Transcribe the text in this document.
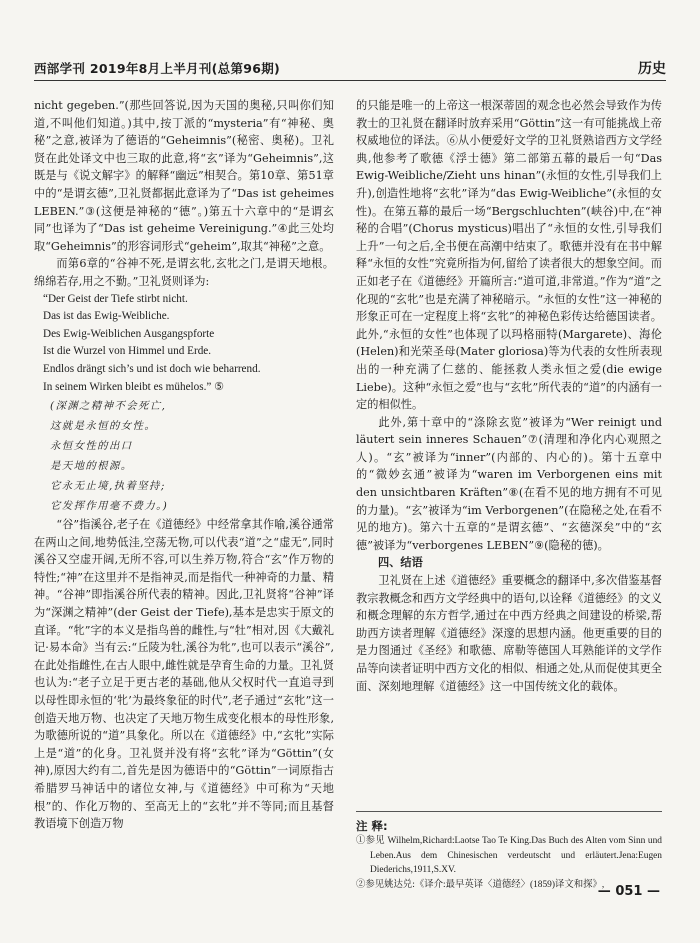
西部学刊 2019年8月上半月刊(总第96期)	历史

nicht gegeben.”(那些回答说,因为天国的奥秘,只叫你们知道,不叫他们知道。)其中,按丁派的“mysteria”有“神秘、奥秘”之意,被译为了德语的“Geheimnis”(秘密、奥秘)。卫礼贤在此处译文中也三取的此意,将“玄”译为“Geheimnis”,这既是与《说文解字》的解释“幽远”相契合。第10章、第51章中的“是谓玄德”,卫礼贤都据此意译为了“Das ist geheimes LEBEN.”③(这便是神秘的“德”。)第五十六章中的“是谓玄同”也译为了“Das ist geheime Vereinigung.”④此三处均取“Geheimnis”的形容词形式“geheim”,取其“神秘”之意。

而第6章的“谷神不死,是谓玄牝,玄牝之门,是谓天地根。绵绵若存,用之不勤。”卫礼贤则译为:

“Der Geist der Tiefe stirbt nicht.

Das ist das Ewig-Weibliche.

Des Ewig-Weiblichen Ausgangspforte

Ist die Wurzel von Himmel und Erde.

Endlos drängt sich’s und ist doch wie beharrend.

In seinem Wirken bleibt es mühelos.” ⑤

(深渊之精神不会死亡,

这就是永恒的女性。

永恒女性的出口

是天地的根源。

它永无止境,执着坚持;

它发挥作用毫不费力。)

“谷”指溪谷,老子在《道德经》中经常拿其作喻,溪谷通常在两山之间,地势低洼,空荡无物,可以代表“道”之“虚无”,同时溪谷又空虚开阔,无所不容,可以生养万物,符合“玄”作万物的特性;“神”在这里并不是指神灵,而是指代一种神奇的力量、精神。“谷神”即指溪谷所代表的精神。因此,卫礼贤将“谷神”译为“深渊之精神”(der Geist der Tiefe),基本是忠实于原文的直译。“牝”字的本义是指鸟兽的雌性,与“牡”相对,因《大戴礼记·易本命》当有云:“丘陵为牡,溪谷为牝”,也可以表示“溪谷”,在此处指雌性,在古人眼中,雌性就是孕育生命的力量。卫礼贤也认为:“老子立足于更古老的基础,他从父权时代一直追寻到以母性即永恒的‘牝’为最终象征的时代”,老子通过“玄牝”这一创造天地万物、也决定了天地万物生成变化根本的母性形象,为歌德所说的“道”具象化。所以在《道德经》中,“玄牝”实际上是“道”的化身。卫礼贤并没有将“玄牝”译为“Göttin”(女神),原因大约有二,首先是因为德语中的“Göttin”一词原指古希腊罗马神话中的诸位女神,与《道德经》中可称为“天地根”的、作化万物的、至高无上的“玄牝”并不等同;而且基督教语境下创造万物

的只能是唯一的上帝这一根深蒂固的观念也必然会导致作为传教士的卫礼贤在翻译时放弃采用“Göttin”这一有可能挑战上帝权威地位的译法。⑥从小便爱好文学的卫礼贤熟谙西方文学经典,他参考了歌德《浮士德》第二部第五幕的最后一句“Das Ewig-Weibliche/Zieht uns hinan”(永恒的女性,引导我们上升),创造性地将“玄牝”译为“das Ewig-Weibliche”(永恒的女性)。在第五幕的最后一场“Bergschluchten”(峡谷)中,在“神秘的合唱”(Chorus mysticus)唱出了“永恒的女性,引导我们上升”一句之后,全书便在高潮中结束了。歌德并没有在书中解释“永恒的女性”究竟所指为何,留给了读者很大的想象空间。而正如老子在《道德经》开篇所言:“道可道,非常道。”作为“道”之化现的“玄牝”也是充满了神秘暗示。“永恒的女性”这一神秘的形象正可在一定程度上将“玄牝”的神秘色彩传达给德国读者。此外,“永恒的女性”也体现了以玛格丽特(Margarete)、海伦(Helen)和光荣圣母(Mater gloriosa)等为代表的女性所表现出的一种充满了仁慈的、能拯救人类永恒之爱(die ewige Liebe)。这种“永恒之爱”也与“玄牝”所代表的“道”的内涵有一定的相似性。

此外,第十章中的“涤除玄览”被译为“Wer reinigt und läutert sein inneres Schauen”⑦(清理和净化内心观照之人)。“玄”被译为“inner”(内部的、内心的)。第十五章中的“微妙玄通”被译为“waren im Verborgenen eins mit den unsichtbaren Kräften”⑧(在看不见的地方拥有不可见的力量)。“玄”被译为“im Verborgenen”(在隐秘之处,在看不见的地方)。第六十五章的“是谓玄德”、“玄德深矣”中的“玄德”被译为“verborgenes LEBEN”⑨(隐秘的德)。

四、结语

卫礼贤在上述《道德经》重要概念的翻译中,多次借鉴基督教宗教概念和西方文学经典中的语句,以诠释《道德经》的文义和概念理解的东方哲学,通过在中西方经典之间建设的桥梁,帮助西方读者理解《道德经》深邃的思想内涵。他更重要的目的是力图通过《圣经》和歌德、席勒等德国人耳熟能详的文学作品等向读者证明中西方文化的相似、相通之处,从而促使其更全面、深刻地理解《道德经》这一中国传统文化的载体。

注 释:

①参见 Wilhelm,Richard:Laotse Tao Te King.Das Buch des Alten vom Sinn und Leben.Aus dem Chinesischen verdeutscht und erläutert.Jena:Eugen Diederichs,1911,S.XV.

②参见姚达兑:《译介:最早英译〈道德经〉(1859)译文和探》,

— 051 —
